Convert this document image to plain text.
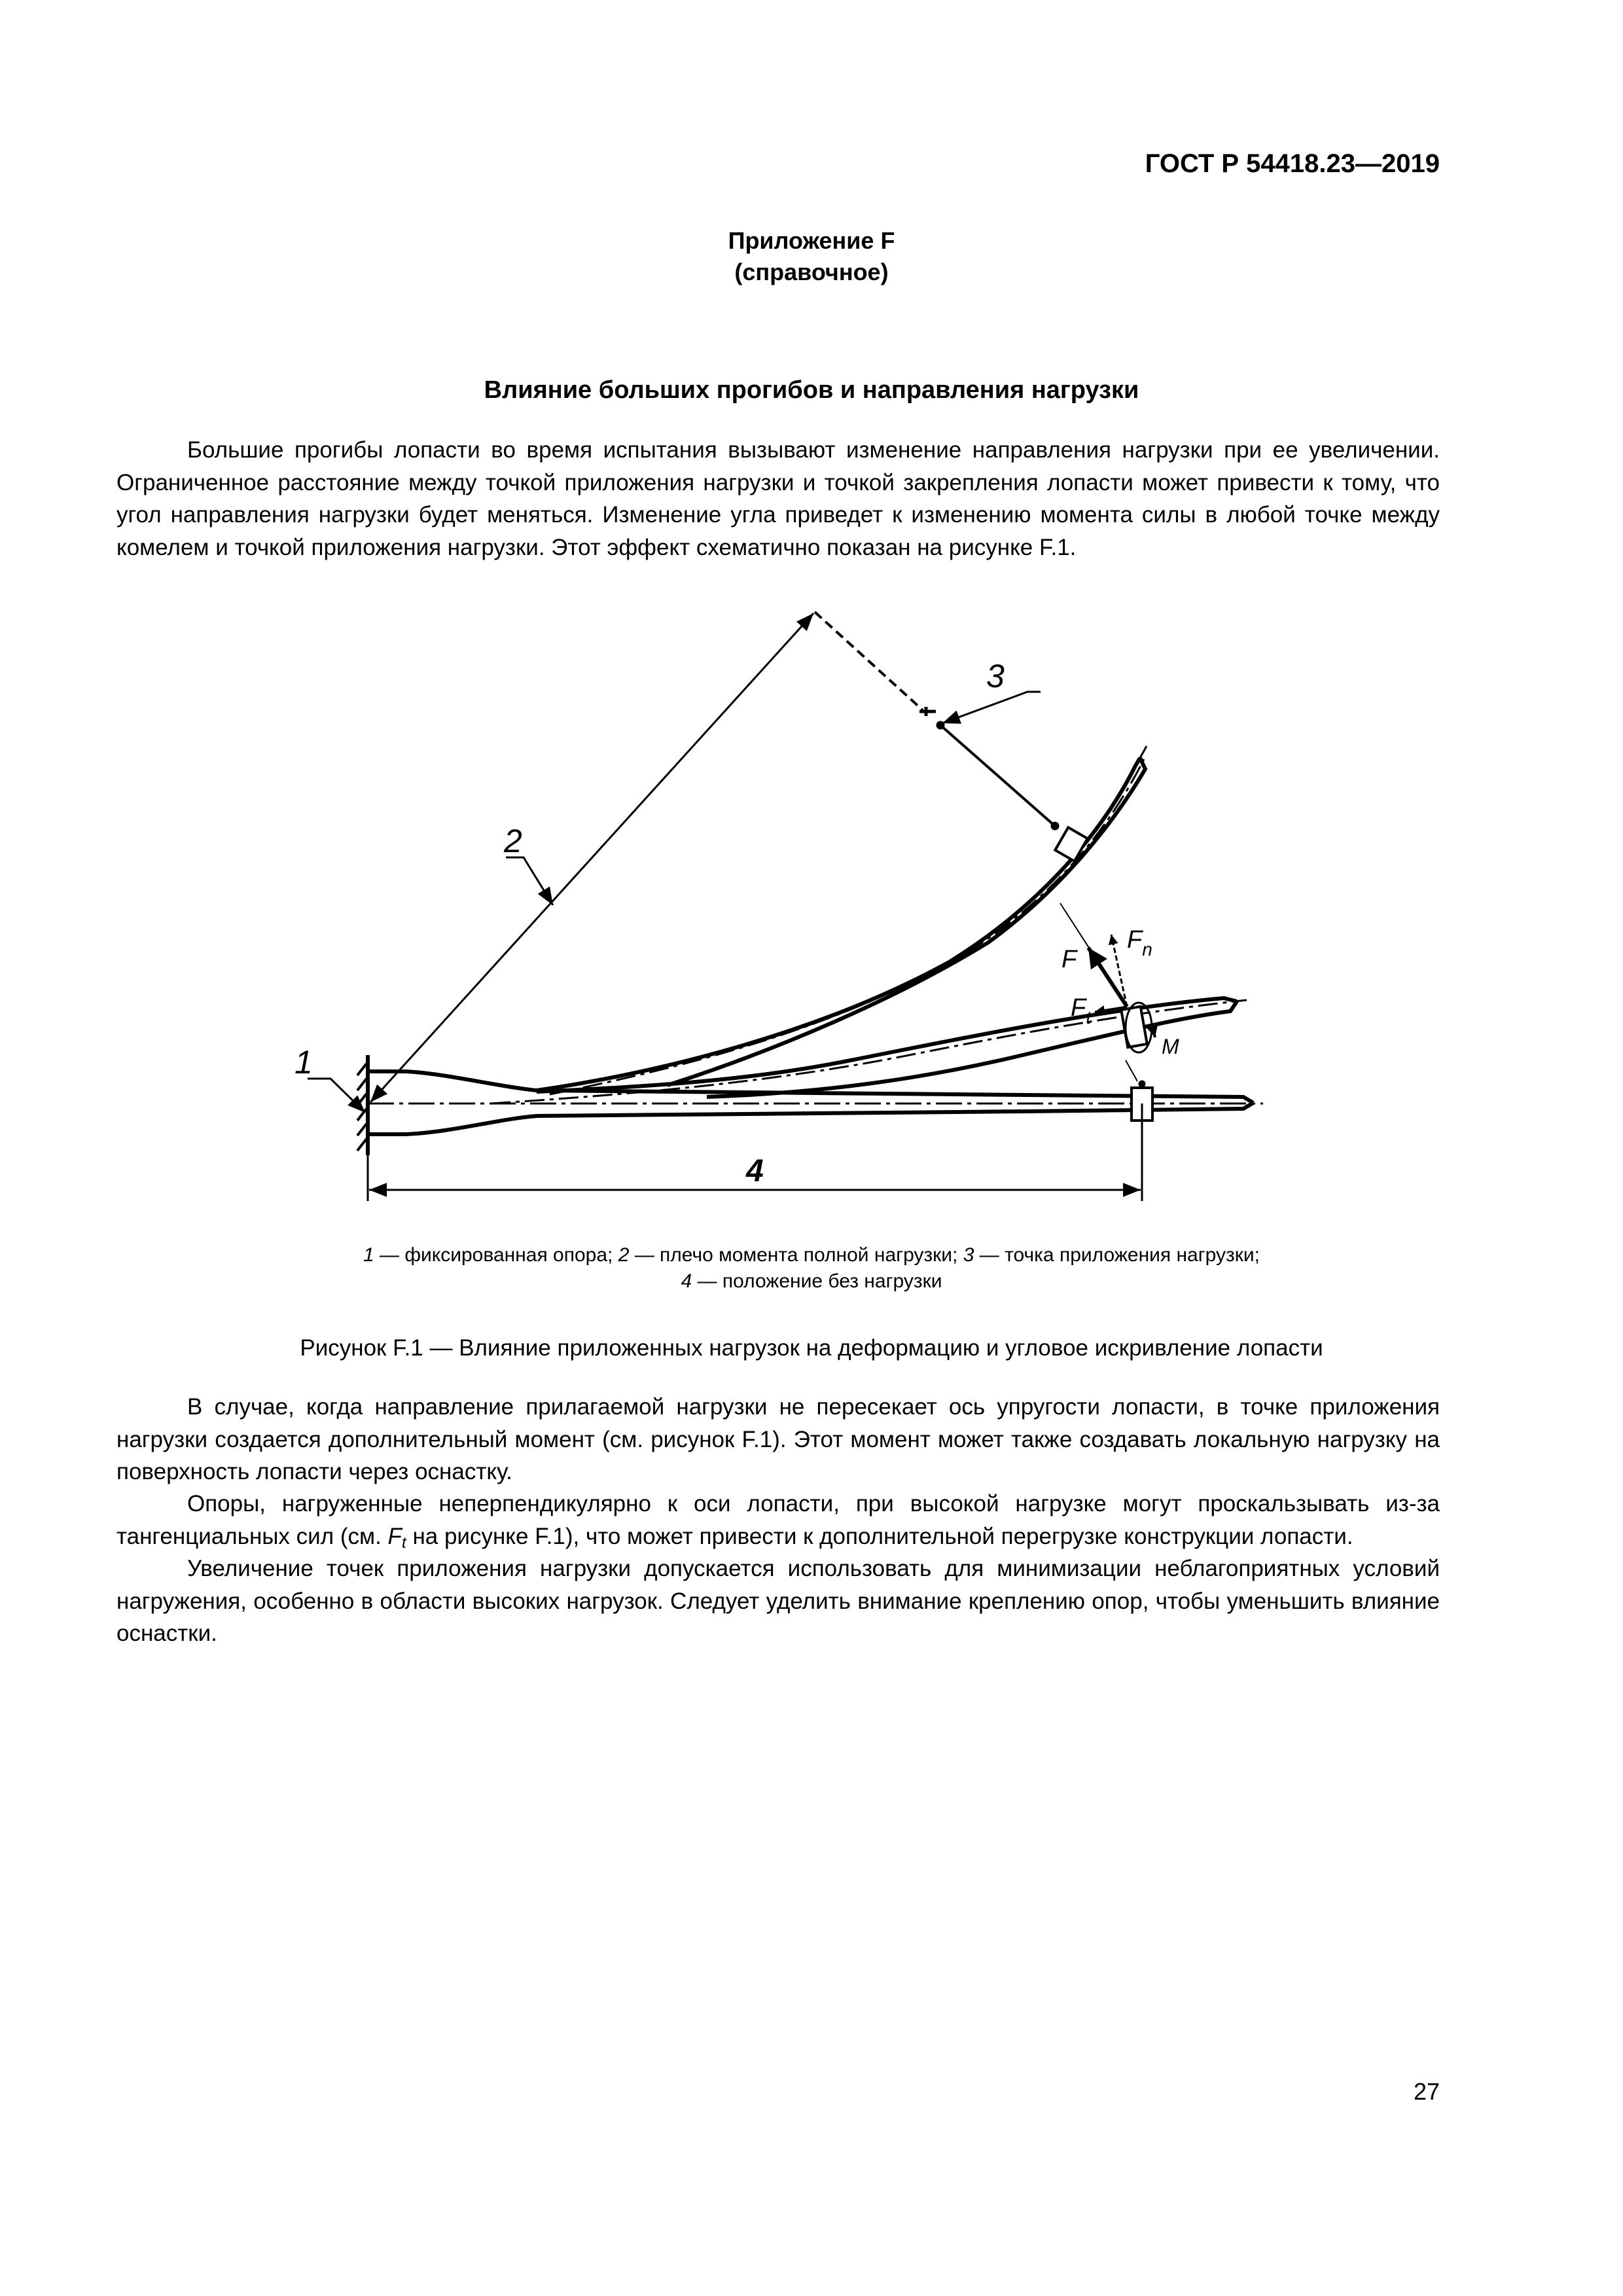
ГОСТ Р 54418.23—2019
Приложение F
(справочное)
Влияние больших прогибов и направления нагрузки
Большие прогибы лопасти во время испытания вызывают изменение направления нагрузки при ее увеличении. Ограниченное расстояние между точкой приложения нагрузки и точкой закрепления лопасти может привести к тому, что угол направления нагрузки будет меняться. Изменение угла приведет к изменению момента силы в любой точке между комелем и точкой приложения нагрузки. Этот эффект схематично показан на рисунке F.1.
1
2
3
4
F
$F_n$
$F_t$
M
1 — фиксированная опора; 2 — плечо момента полной нагрузки; 3 — точка приложения нагрузки;
4 — положение без нагрузки
Рисунок F.1 — Влияние приложенных нагрузок на деформацию и угловое искривление лопасти
В случае, когда направление прилагаемой нагрузки не пересекает ось упругости лопасти, в точке приложения нагрузки создается дополнительный момент (см. рисунок F.1). Этот момент может также создавать локальную нагрузку на поверхность лопасти через оснастку.
Опоры, нагруженные неперпендикулярно к оси лопасти, при высокой нагрузке могут проскальзывать из-за тангенциальных сил (см. $F_t$ на рисунке F.1), что может привести к дополнительной перегрузке конструкции лопасти.
Увеличение точек приложения нагрузки допускается использовать для минимизации неблагоприятных условий нагружения, особенно в области высоких нагрузок. Следует уделить внимание креплению опор, чтобы уменьшить влияние оснастки.
27
